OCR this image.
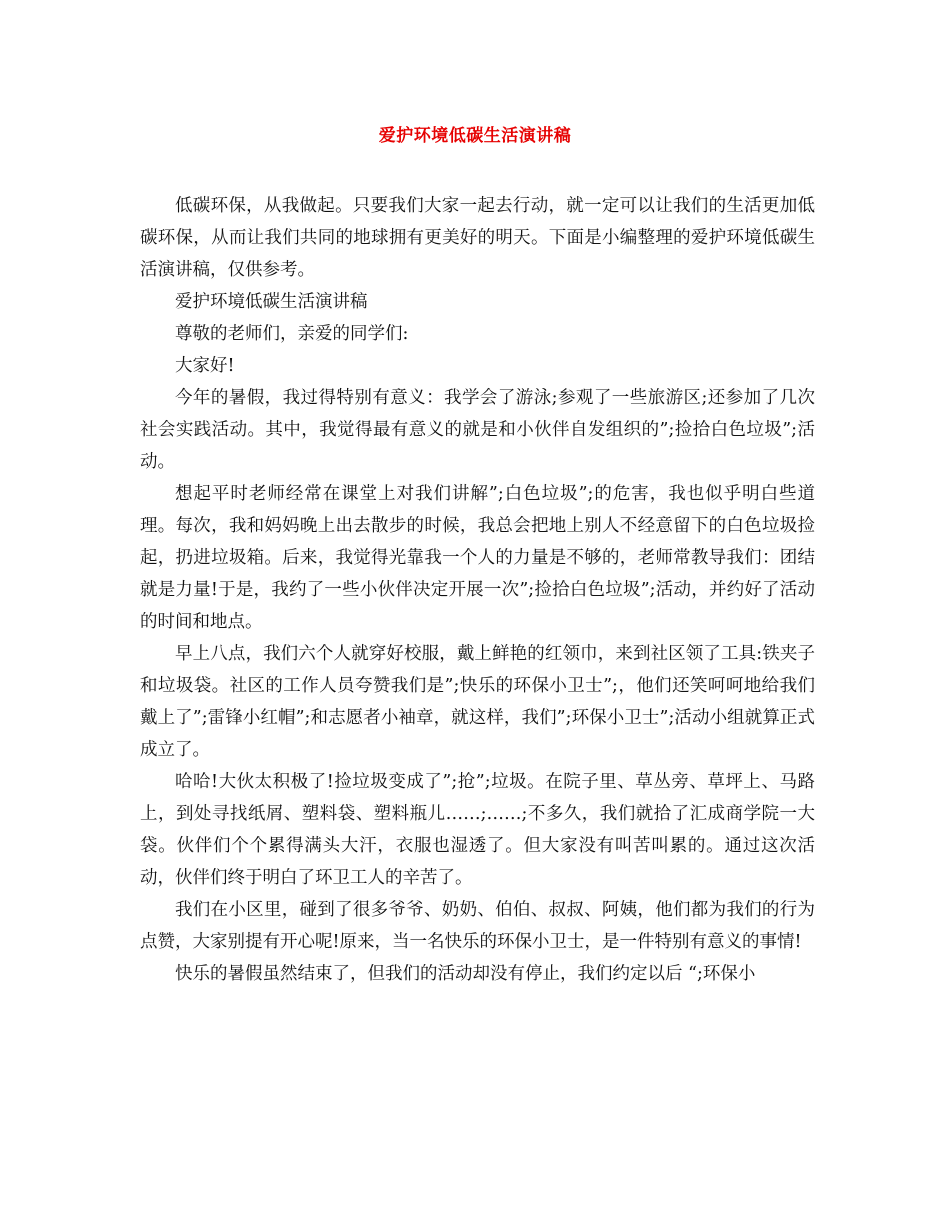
爱护环境低碳生活演讲稿

低碳环保，从我做起。只要我们大家一起去行动，就一定可以让我们的生活更加低碳环保，从而让我们共同的地球拥有更美好的明天。下面是小编整理的爱护环境低碳生活演讲稿，仅供参考。

爱护环境低碳生活演讲稿

尊敬的老师们，亲爱的同学们:

大家好!

今年的暑假，我过得特别有意义：我学会了游泳;参观了一些旅游区;还参加了几次社会实践活动。其中，我觉得最有意义的就是和小伙伴自发组织的”;捡拾白色垃圾”;活动。

想起平时老师经常在课堂上对我们讲解”;白色垃圾”;的危害，我也似乎明白些道理。每次，我和妈妈晚上出去散步的时候，我总会把地上别人不经意留下的白色垃圾捡起，扔进垃圾箱。后来，我觉得光靠我一个人的力量是不够的，老师常教导我们：团结就是力量!于是，我约了一些小伙伴决定开展一次”;捡拾白色垃圾”;活动，并约好了活动的时间和地点。

早上八点，我们六个人就穿好校服，戴上鲜艳的红领巾，来到社区领了工具:铁夹子和垃圾袋。社区的工作人员夸赞我们是”;快乐的环保小卫士”;，他们还笑呵呵地给我们戴上了”;雷锋小红帽”;和志愿者小袖章，就这样，我们”;环保小卫士”;活动小组就算正式成立了。

哈哈!大伙太积极了!捡垃圾变成了”;抢”;垃圾。在院子里、草丛旁、草坪上、马路上，到处寻找纸屑、塑料袋、塑料瓶儿……;……;不多久，我们就拾了汇成商学院一大袋。伙伴们个个累得满头大汗，衣服也湿透了。但大家没有叫苦叫累的。通过这次活动，伙伴们终于明白了环卫工人的辛苦了。

我们在小区里，碰到了很多爷爷、奶奶、伯伯、叔叔、阿姨，他们都为我们的行为点赞，大家别提有开心呢!原来，当一名快乐的环保小卫士，是一件特别有意义的事情!

快乐的暑假虽然结束了，但我们的活动却没有停止，我们约定以后 “;环保小
